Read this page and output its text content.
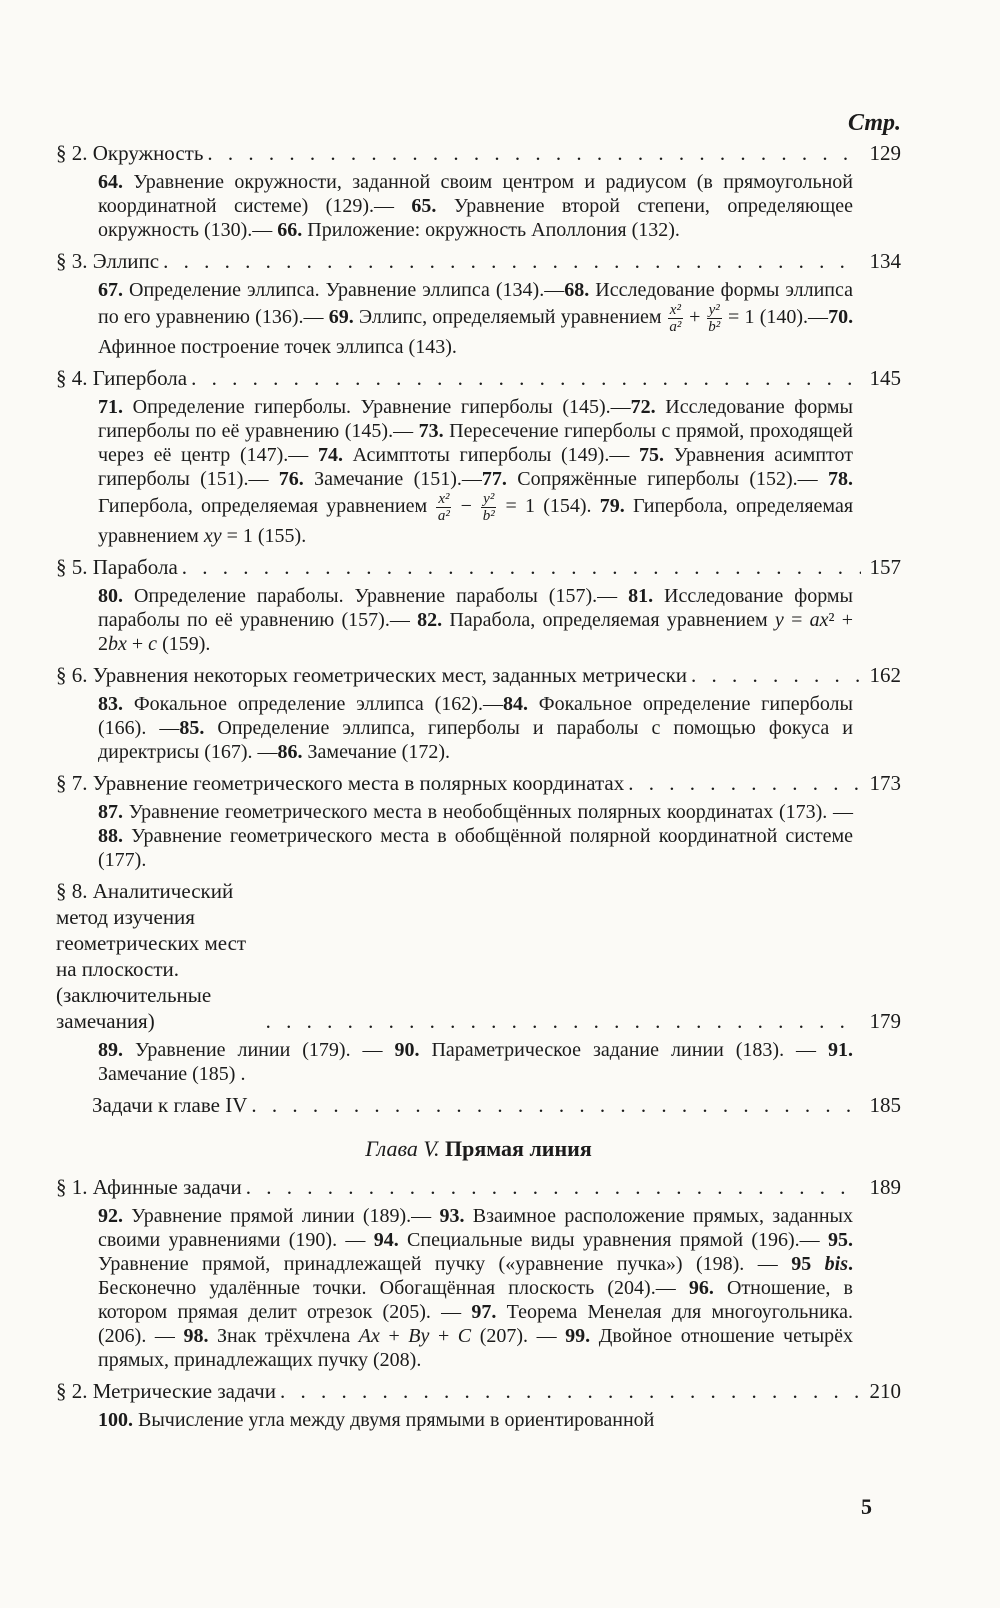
Стр.
§ 2. Окружность . . .	129

64. Уравнение окружности, заданной своим центром и радиусом (в прямоугольной координатной системе) (129).— 65. Уравнение второй степени, определяющее окружность (130).— 66. Приложение: окружность Аполлония (132).

§ 3. Эллипс . . .	134

67. Определение эллипса. Уравнение эллипса (134).—68. Исследование формы эллипса по его уравнению (136).— 69. Эллипс, определяемый уравнением $\frac{\text{x²}}{\text{a²}} + \frac{\text{y²}}{\text{b²}} = 1$ (140).—70. Афинное построение точек эллипса (143).

§ 4. Гипербола . . .	145

71. Определение гиперболы. Уравнение гиперболы (145).—72. Исследование формы гиперболы по её уравнению (145).— 73. Пересечение гиперболы с прямой, проходящей через её центр (147).— 74. Асимптоты гиперболы (149).— 75. Уравнения асимптот гиперболы (151).— 76. Замечание (151).—77. Сопряжённые гиперболы (152).— 78. Гипербола, определяемая уравнением $\frac{\text{x²}}{\text{a²}} - \frac{\text{y²}}{\text{b²}} = 1$ (154). 79. Гипербола, определяемая уравнением xy = 1 (155).

§ 5. Парабола . . .	157

80. Определение параболы. Уравнение параболы (157).— 81. Исследование формы параболы по её уравнению (157).— 82. Парабола, определяемая уравнением y = ax² + 2bx + c (159).

§ 6. Уравнения некоторых геометрических мест, заданных метрически . . .	162

83. Фокальное определение эллипса (162).—84. Фокальное определение гиперболы (166). —85. Определение эллипса, гиперболы и параболы с помощью фокуса и директрисы (167). —86. Замечание (172).

§ 7. Уравнение геометрического места в полярных координатах . . .	173

87. Уравнение геометрического места в необобщённых полярных координатах (173). — 88. Уравнение геометрического места в обобщённой полярной координатной системе (177).

§ 8. Аналитический метод изучения геометрических мест на плоскости. (заключительные замечания) . . .	179

89. Уравнение линии (179). — 90. Параметрическое задание линии (183). — 91. Замечание (185) .

Задачи к главе IV . . .	185
Глава V. Прямая линия
§ 1. Афинные задачи . . .	189

92. Уравнение прямой линии (189).— 93. Взаимное расположение прямых, заданных своими уравнениями (190). — 94. Специальные виды уравнения прямой (196).— 95. Уравнение прямой, принадлежащей пучку («уравнение пучка») (198). — 95 bis. Бесконечно удалённые точки. Обогащённая плоскость (204).— 96. Отношение, в котором прямая делит отрезок (205). — 97. Теорема Менелая для многоугольника. (206). — 98. Знак трёхчлена Ax + By + C (207). — 99. Двойное отношение четырёх прямых, принадлежащих пучку (208).

§ 2. Метрические задачи . . .	210

100. Вычисление угла между двумя прямыми в ориентированной

5
